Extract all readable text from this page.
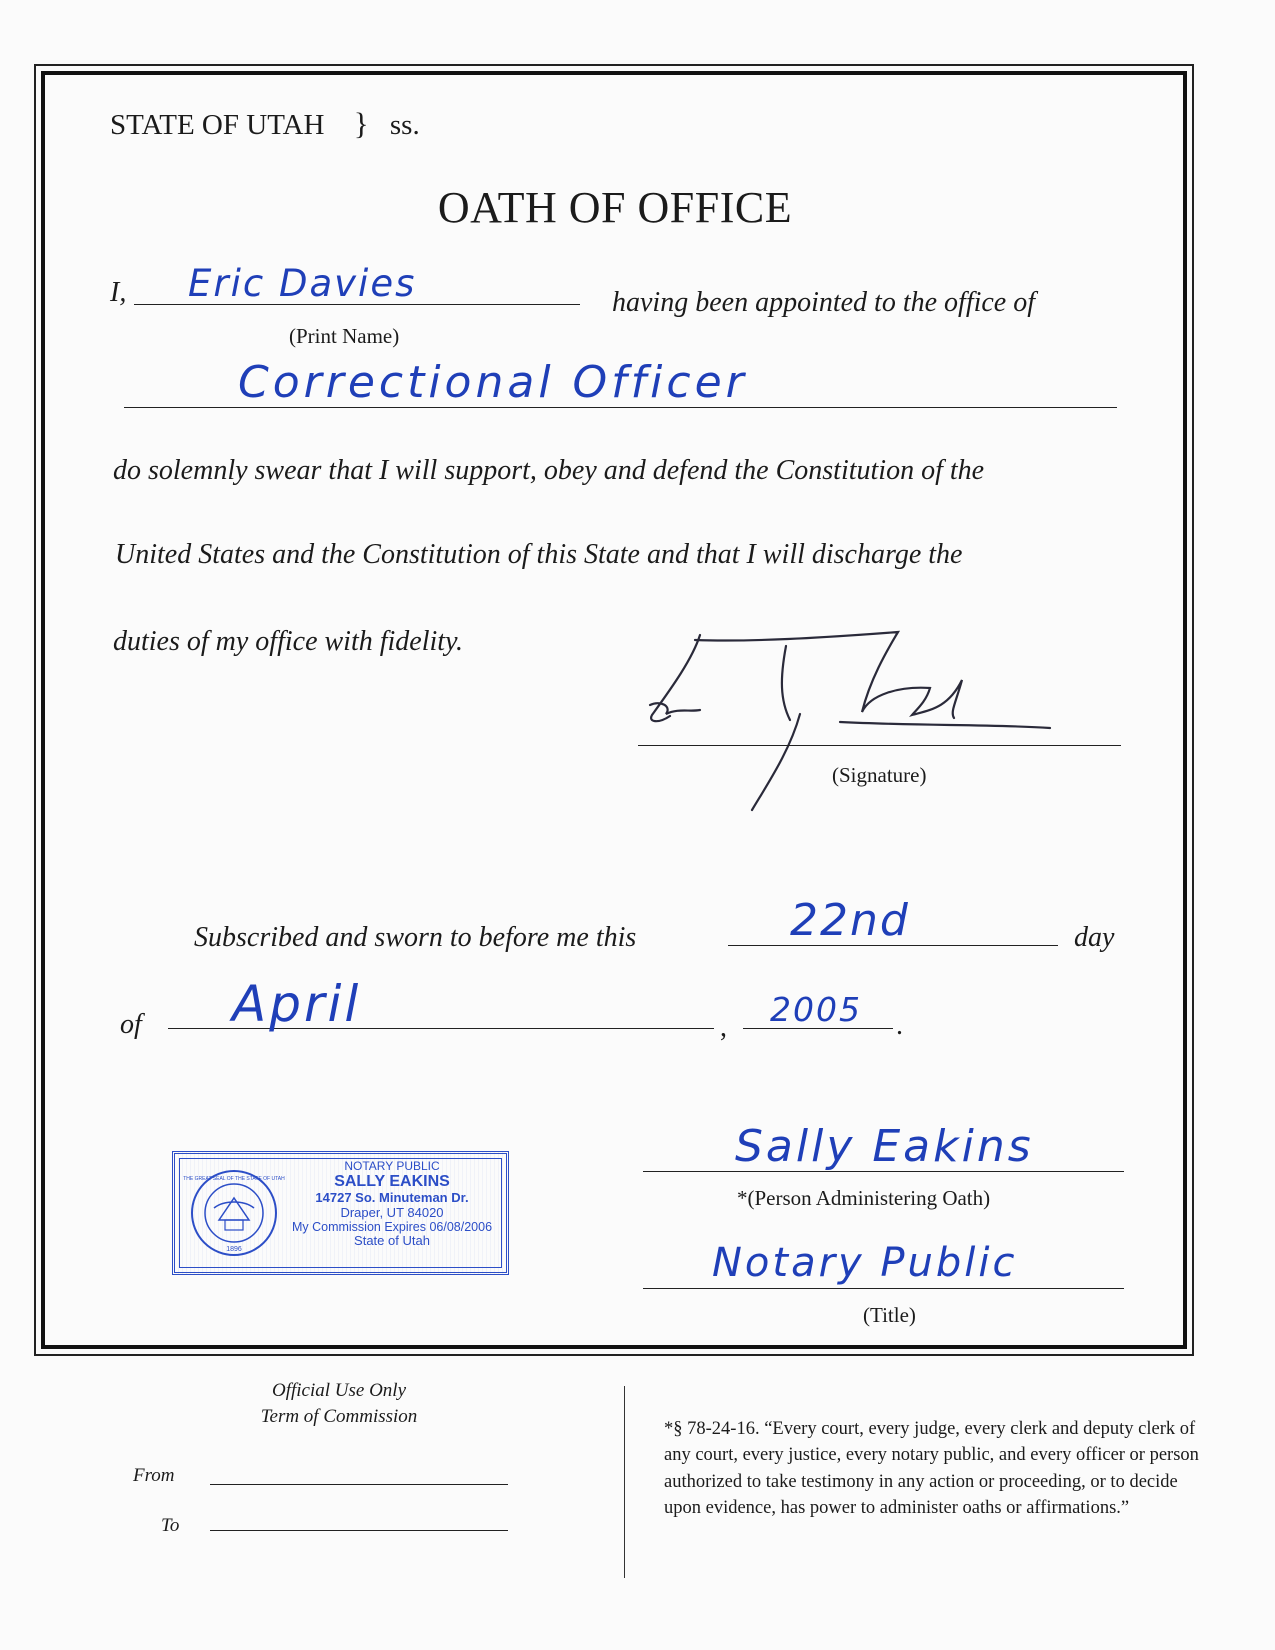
STATE OF UTAH } ss.
OATH OF OFFICE
I, Eric Davies
(Print Name)
having been appointed to the office of
Correctional Officer
do solemnly swear that I will support, obey and defend the Constitution of the
United States and the Constitution of this State and that I will discharge the
duties of my office with fidelity.
(Signature)
Subscribed and sworn to before me this	22nd	day
of April	, 2005 .
1896
THE GREAT SEAL OF THE STATE OF UTAH
NOTARY PUBLIC
SALLY EAKINS
14727 So. Minuteman Dr.
Draper, UT 84020
My Commission Expires 06/08/2006
State of Utah
Sally Eakins
*(Person Administering Oath)
Notary Public
(Title)
Official Use Only
Term of Commission
From
To
*§ 78-24-16. “Every court, every judge, every clerk and deputy clerk of any court, every justice, every notary public, and every officer or person authorized to take testimony in any action or proceeding, or to decide upon evidence, has power to administer oaths or affirmations.”
